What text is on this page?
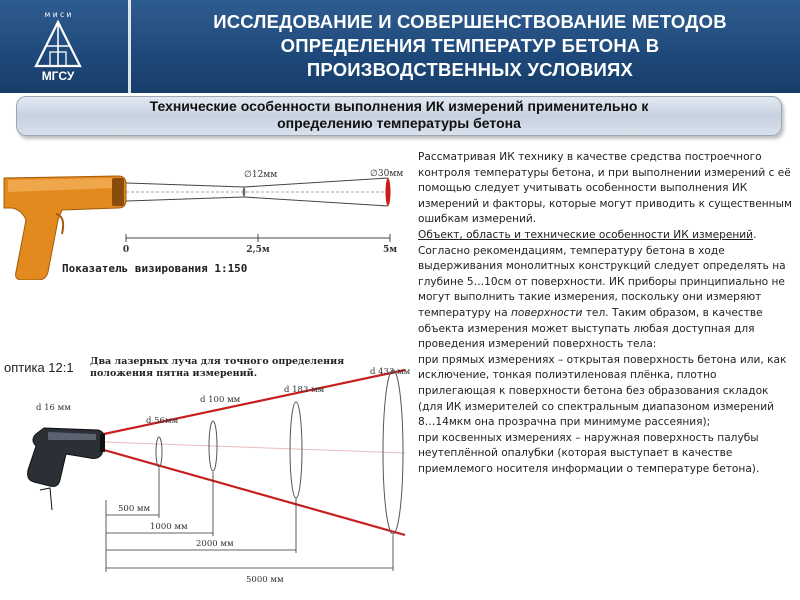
м и с и
МГСУ
ИССЛЕДОВАНИЕ И СОВЕРШЕНСТВОВАНИЕ МЕТОДОВ
ОПРЕДЕЛЕНИЯ ТЕМПЕРАТУР БЕТОНА В
ПРОИЗВОДСТВЕННЫХ УСЛОВИЯХ
Технические особенности выполнения ИК измерений применительно к
определению температуры бетона
∅12мм	∅30мм
0	2,5м	5м
Показатель визирования 1:150
оптика 12:1 Два лазерных луча для точного определения
положения пятна измерений.
d 16 мм
d 56мм
d 100 мм
d 183 мм
d 433 мм
500 мм
1000 мм
2000 мм
5000 мм

Рассматривая ИК технику в качестве средства построечного контроля температуры бетона, и при выполнении измерений с её помощью следует учитывать особенности выполнения ИК измерений и факторы, которые могут приводить к существенным ошибкам измерений.

Объект, область и технические особенности ИК измерений.

Согласно рекомендациям, температуру бетона в ходе выдерживания монолитных конструкций следует определять на глубине 5…10см от поверхности. ИК приборы принципиально не могут выполнить такие измерения, поскольку они измеряют температуру на поверхности тел. Таким образом, в качестве объекта измерения может выступать любая доступная для проведения измерений поверхность тела:

при прямых измерениях – открытая поверхность бетона или, как исключение, тонкая полиэтиленовая плёнка, плотно прилегающая к поверхности бетона без образования складок (для ИК измерителей со спектральным диапазоном измерений 8…14мкм она прозрачна при минимуме рассеяния);

при косвенных измерениях – наружная поверхность палубы неутеплённой опалубки (которая выступает в качестве приемлемого носителя информации о температуре бетона).
